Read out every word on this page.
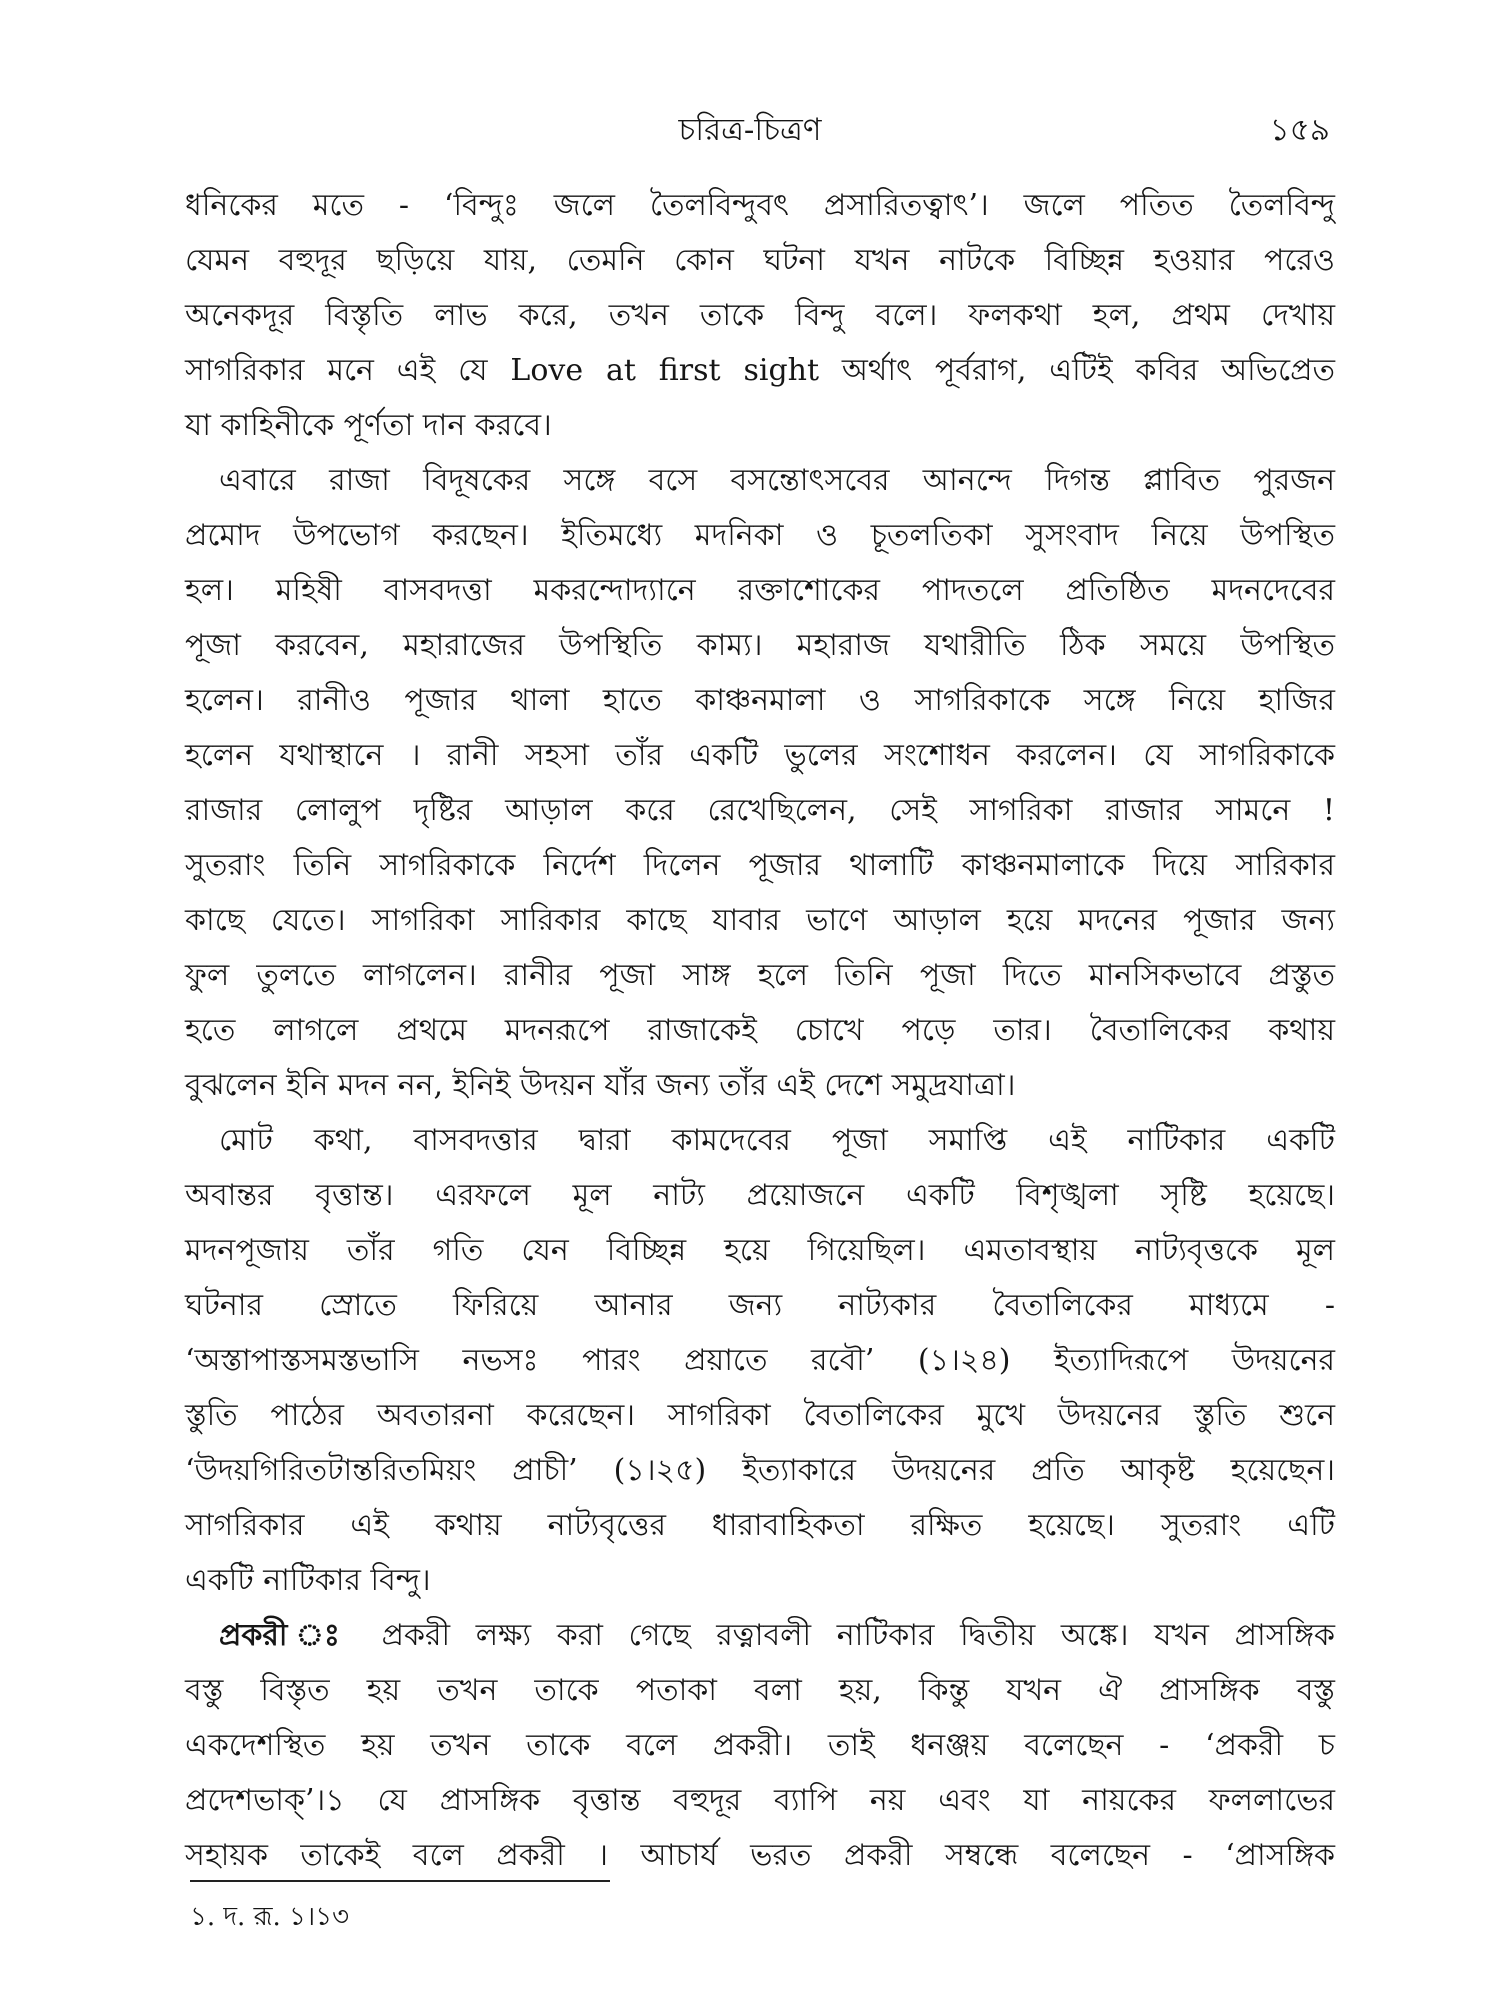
চরিত্র-চিত্রণ	১৫৯
ধনিকের মতে - ‘বিন্দুঃ জলে তৈলবিন্দুবৎ প্রসারিতত্বাৎ’। জলে পতিত তৈলবিন্দু
যেমন বহুদূর ছড়িয়ে যায়, তেমনি কোন ঘটনা যখন নাটকে বিচ্ছিন্ন হওয়ার পরেও
অনেকদূর বিস্তৃতি লাভ করে, তখন তাকে বিন্দু বলে। ফলকথা হল, প্রথম দেখায়
সাগরিকার মনে এই যে Love at first sight অর্থাৎ পূর্বরাগ, এটিই কবির অভিপ্রেত
যা কাহিনীকে পূর্ণতা দান করবে।
এবারে রাজা বিদূষকের সঙ্গে বসে বসন্তোৎসবের আনন্দে দিগন্ত প্লাবিত পুরজন
প্রমোদ উপভোগ করছেন। ইতিমধ্যে মদনিকা ও চূতলতিকা সুসংবাদ নিয়ে উপস্থিত
হল। মহিষী বাসবদত্তা মকরন্দোদ্যানে রক্তাশোকের পাদতলে প্রতিষ্ঠিত মদনদেবের
পূজা করবেন, মহারাজের উপস্থিতি কাম্য। মহারাজ যথারীতি ঠিক সময়ে উপস্থিত
হলেন। রানীও পূজার থালা হাতে কাঞ্চনমালা ও সাগরিকাকে সঙ্গে নিয়ে হাজির
হলেন যথাস্থানে । রানী সহসা তাঁর একটি ভুলের সংশোধন করলেন। যে সাগরিকাকে
রাজার লোলুপ দৃষ্টির আড়াল করে রেখেছিলেন, সেই সাগরিকা রাজার সামনে !
সুতরাং তিনি সাগরিকাকে নির্দেশ দিলেন পূজার থালাটি কাঞ্চনমালাকে দিয়ে সারিকার
কাছে যেতে। সাগরিকা সারিকার কাছে যাবার ভাণে আড়াল হয়ে মদনের পূজার জন্য
ফুল তুলতে লাগলেন। রানীর পূজা সাঙ্গ হলে তিনি পূজা দিতে মানসিকভাবে প্রস্তুত
হতে লাগলে প্রথমে মদনরূপে রাজাকেই চোখে পড়ে তার। বৈতালিকের কথায়
বুঝলেন ইনি মদন নন, ইনিই উদয়ন যাঁর জন্য তাঁর এই দেশে সমুদ্রযাত্রা।
মোট কথা, বাসবদত্তার দ্বারা কামদেবের পূজা সমাপ্তি এই নাটিকার একটি
অবান্তর বৃত্তান্ত। এরফলে মূল নাট্য প্রয়োজনে একটি বিশৃঙ্খলা সৃষ্টি হয়েছে।
মদনপূজায় তাঁর গতি যেন বিচ্ছিন্ন হয়ে গিয়েছিল। এমতাবস্থায় নাট্যবৃত্তকে মূল
ঘটনার স্রোতে ফিরিয়ে আনার জন্য নাট্যকার বৈতালিকের মাধ্যমে -
‘অস্তাপাস্তসমস্তভাসি নভসঃ পারং প্রয়াতে রবৌ’ (১।২৪) ইত্যাদিরূপে উদয়নের
স্তুতি পাঠের অবতারনা করেছেন। সাগরিকা বৈতালিকের মুখে উদয়নের স্তুতি শুনে
‘উদয়গিরিতটান্তরিতমিয়ং প্রাচী’ (১।২৫) ইত্যাকারে উদয়নের প্রতি আকৃষ্ট হয়েছেন।
সাগরিকার এই কথায় নাট্যবৃত্তের ধারাবাহিকতা রক্ষিত হয়েছে। সুতরাং এটি
একটি নাটিকার বিন্দু।
প্রকরী ঃ প্রকরী লক্ষ্য করা গেছে রত্নাবলী নাটিকার দ্বিতীয় অঙ্কে। যখন প্রাসঙ্গিক
বস্তু বিস্তৃত হয় তখন তাকে পতাকা বলা হয়, কিন্তু যখন ঐ প্রাসঙ্গিক বস্তু
একদেশস্থিত হয় তখন তাকে বলে প্রকরী। তাই ধনঞ্জয় বলেছেন - ‘প্রকরী চ
প্রদেশভাক্’।১ যে প্রাসঙ্গিক বৃত্তান্ত বহুদূর ব্যাপি নয় এবং যা নায়কের ফললাভের
সহায়ক তাকেই বলে প্রকরী । আচার্য ভরত প্রকরী সম্বন্ধে বলেছেন - ‘প্রাসঙ্গিক
১. দ. রূ. ১।১৩
